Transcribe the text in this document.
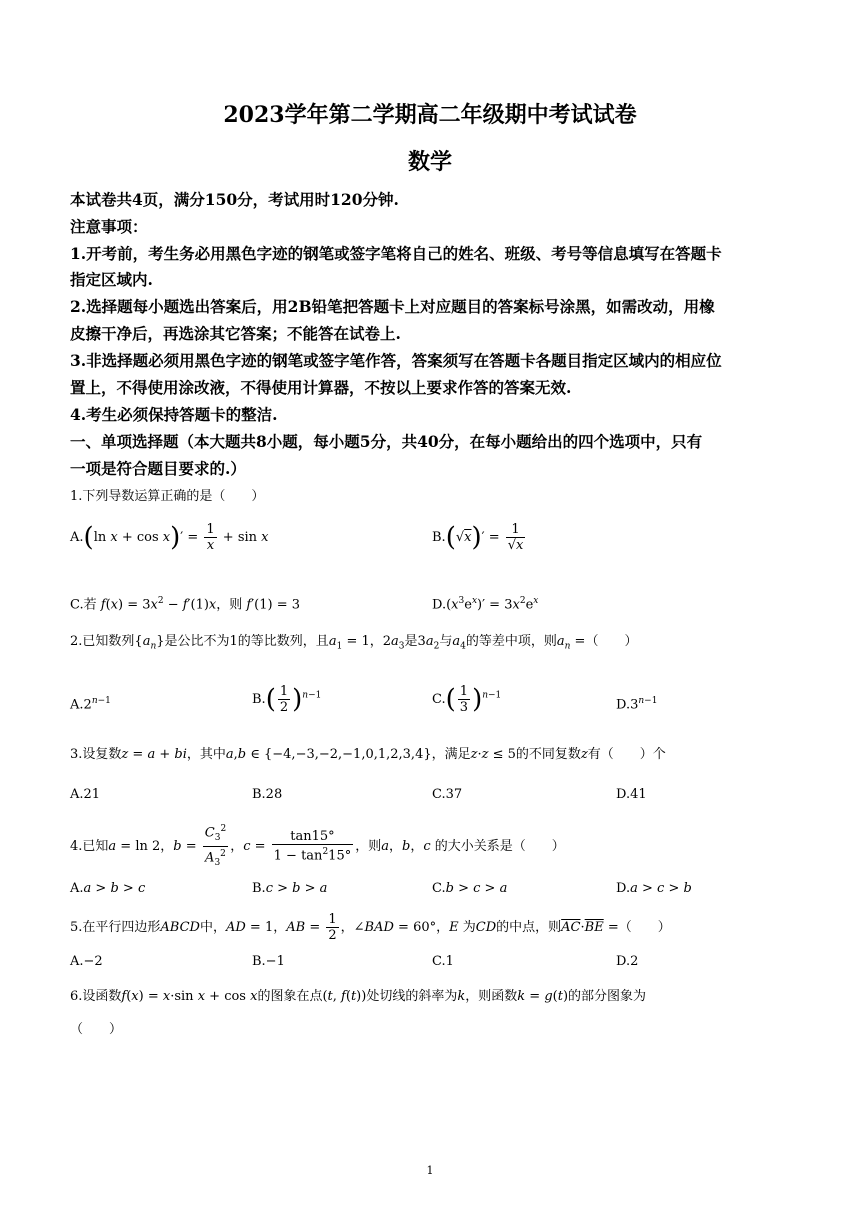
2023学年第二学期高二年级期中考试试卷
数学
本试卷共4页，满分150分，考试用时120分钟.
注意事项：
1.开考前，考生务必用黑色字迹的钢笔或签字笔将自己的姓名、班级、考号等信息填写在答题卡
指定区域内.
2.选择题每小题选出答案后，用2B铅笔把答题卡上对应题目的答案标号涂黑，如需改动，用橡
皮擦干净后，再选涂其它答案；不能答在试卷上.
3.非选择题必须用黑色字迹的钢笔或签字笔作答，答案须写在答题卡各题目指定区域内的相应位
置上，不得使用涂改液，不得使用计算器，不按以上要求作答的答案无效.
4.考生必须保持答题卡的整洁.
一、单项选择题（本大题共8小题，每小题5分，共40分，在每小题给出的四个选项中，只有
一项是符合题目要求的.）
1.下列导数运算正确的是（　　）
A.(ln $x + \cos x)' = \frac{1}{x} + \sin x$	$B.(√x)' = \frac{1}{√x}$
C.若 $f(x) = 3x^2 - f'(1)x$，则 f′(1) = 3	$D.(x^3e^x)' = 3x^2e^x$
2.已知数列$\{a_n\}$是公比不为1的等比数列，且$a_1 = 1$，$2a_3$是$3a_2$与$a_4$的等差中项，则$a_n$ =（　　）
$A.2^{n-1}$	$B.( \frac{1}{2} )^{n-1}$	$C.( \frac{1}{3} )^{n-1}$
$D.3^{n-1}$
3.设复数z = a + bi，其中a,b ∈ {−4,−3,−2,−1,0,1,2,3,4}，满足z·z ≤ 5的不同复数z有（　　）个
A.21	B.28	C.37	D.41
4.已知a = ln 2，$b = \frac{C_3^2}{A_3^2}$ ，$c = \frac{\tan 15^\circ}{1 - \tan^215^\circ}$ ，则a，b，c 的大小关系是（　　）
A.a > b > c	B.c > b > a	C.b > c > a	D.a > c > b
5.在平行四边形ABCD中，AD = 1，AB = $\frac{1}{2}$ ，∠BAD = 60°，E 为CD的中点，则$\overline{AC}\cdot\overline{BE}$ =（　　）
A.−2	B.−1	C.1	D.2
6.设函数f(x) = x·sin x + cos x的图象在点(t, f(t))处切线的斜率为k，则函数k = g(t)的部分图象为
（　　）
1
